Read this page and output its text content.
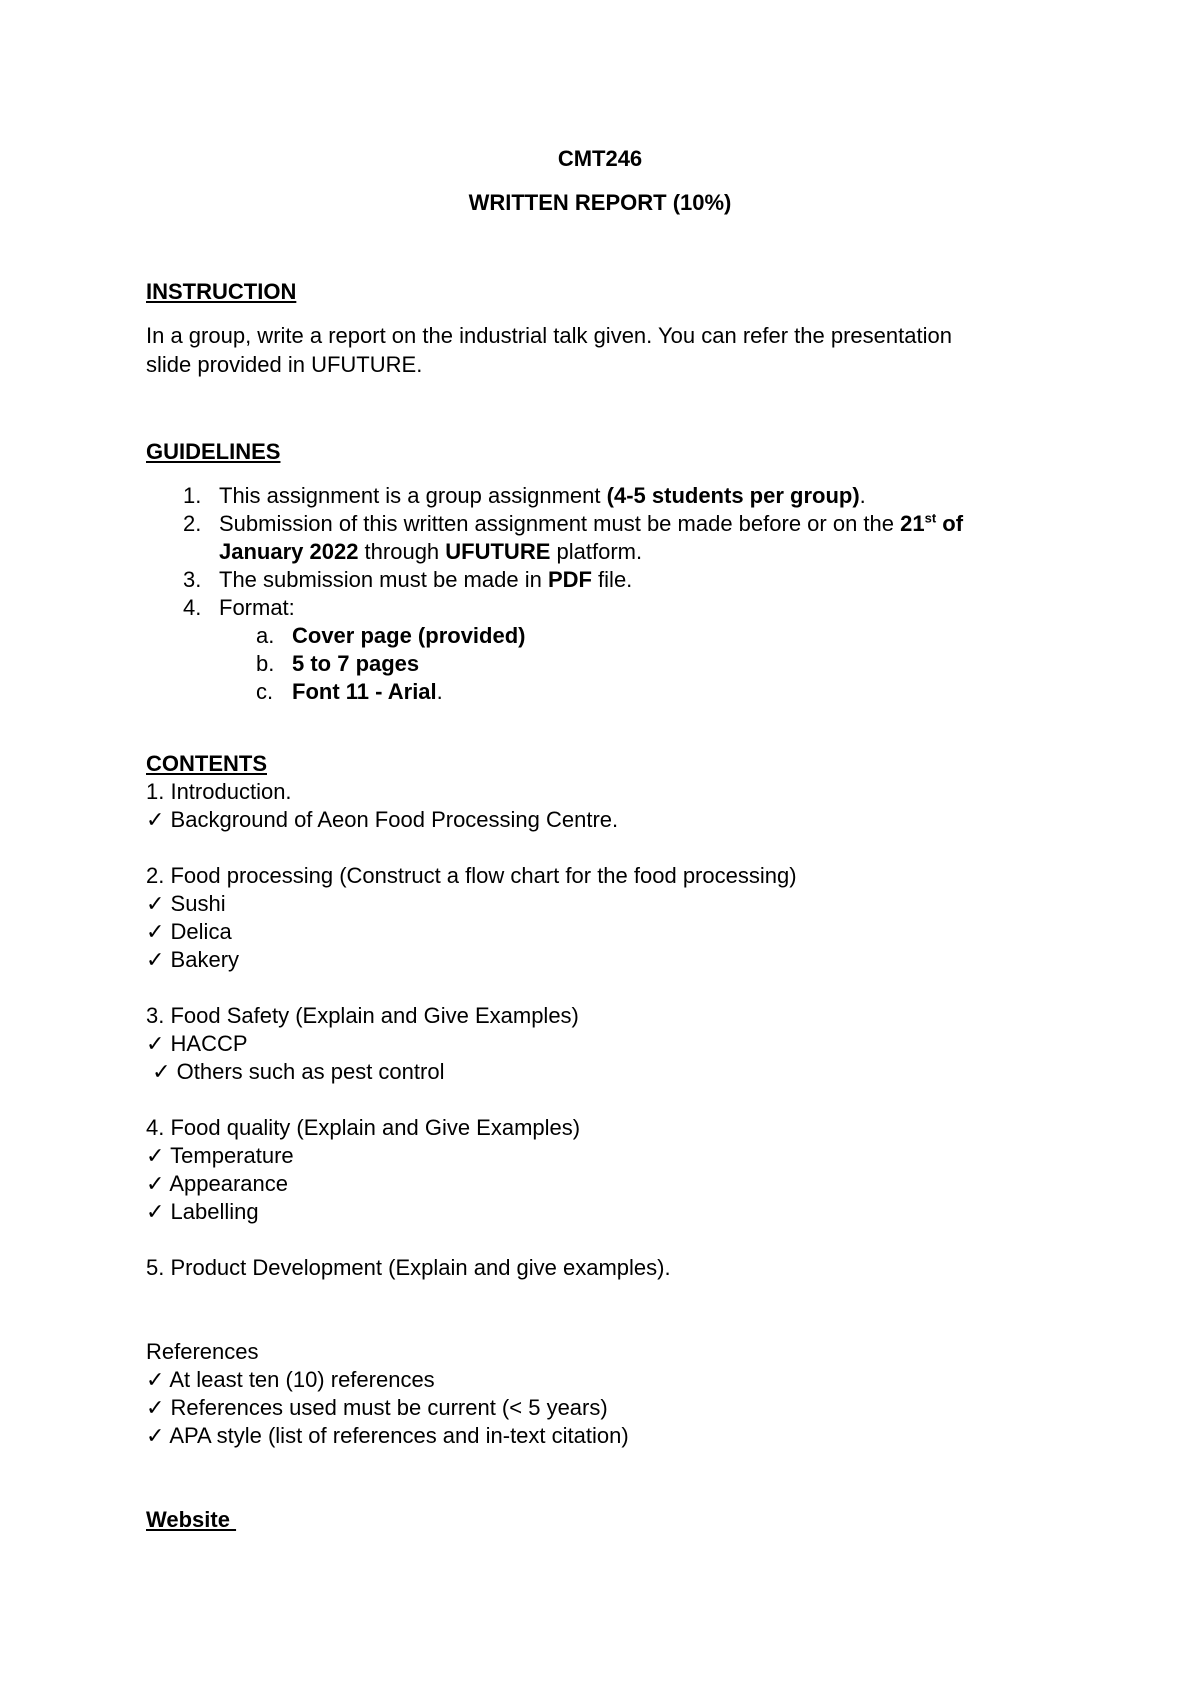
CMT246
WRITTEN REPORT (10%)
INSTRUCTION
In a group, write a report on the industrial talk given. You can refer the presentation
slide provided in UFUTURE.
GUIDELINES
1. This assignment is a group assignment (4-5 students per group).
2. Submission of this written assignment must be made before or on the 21st of
January 2022 through UFUTURE platform.
3. The submission must be made in PDF file.
4. Format:
a. Cover page (provided)
b. 5 to 7 pages
c. Font 11 - Arial.
CONTENTS
1. Introduction.
✓ Background of Aeon Food Processing Centre.
2. Food processing (Construct a flow chart for the food processing)
✓ Sushi
✓ Delica
✓ Bakery
3. Food Safety (Explain and Give Examples)
✓ HACCP
✓ Others such as pest control
4. Food quality (Explain and Give Examples)
✓ Temperature
✓ Appearance
✓ Labelling
5. Product Development (Explain and give examples).
References
✓ At least ten (10) references
✓ References used must be current (< 5 years)
✓ APA style (list of references and in-text citation)
Website
